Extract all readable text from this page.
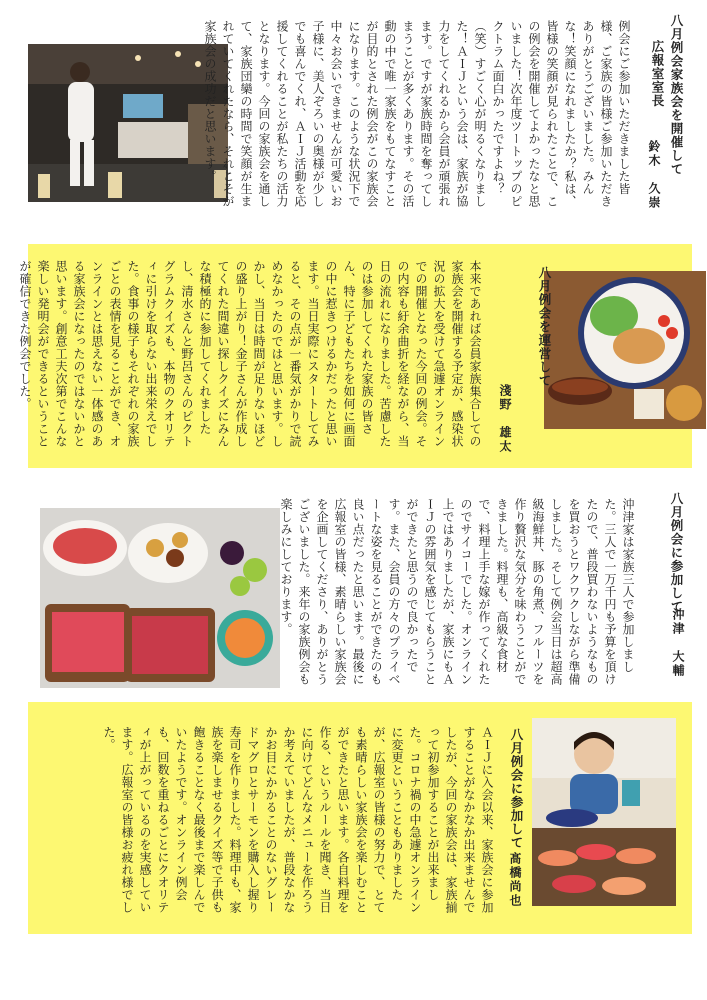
八月例会家族会を開催して

広報室室長

鈴木　久崇

例会にご参加いただきました皆様、ご家族の皆様ご参加いただきありがとうございました。みんな！笑顔になれましたか？私は、皆様の笑顔が見られたことで、この例会を開催してよかったなと思いました！次年度ツートップのピクトラム面白かったですよね？（笑）すごく心が明るくなりました！ＡＩＪという会は、家族が協力をしてくれるから会員が頑張れます。ですが家族時間を奪ってしまうことが多くあります。その活動の中で唯一家族をもてなすことが目的とされた例会がこの家族会になります。このような状況下で中々お会いできませんが可愛いお子様に、美人ぞろいの奥様が少しでも喜んでくれ、ＡＩＪ活動を応援してくれることが私たちの活力となります。今回の家族会を通して、家族団欒の時間で笑顔が生まれていてくれたなら、それこそが家族会の成功だと思います。

八月例会を運営して

淺野　雄太

本来であれば会員家族集合しての家族会を開催する予定が、感染状況の拡大を受けて急遽オンラインでの開催となった今回の例会。その内容も紆余曲折を経ながら、当日の流れになりました。苦慮したのは参加してくれた家族の皆さん、特に子どもたちを如何に画面の中に惹きつけるかだったと思います。当日実際にスタートしてみると、その点が一番気がかりで読めなかったのではと思います。しかし、当日は時間が足りないほどの盛り上がり！金子さんが作成してくれた間違い探しクイズにみんな積極的に参加してくれましたし、清水さんと野呂さんのピクトグラムクイズも、本物のクオリティに引けを取らない出来栄えでした。食事の様子もそれぞれの家族ごとの表情を見ることができ、オンラインとは思えない一体感のある家族会になったのではないかと思います。創意工夫次第でこんな楽しい発明会ができるということが確信できた例会でした。

八月例会に参加して

沖津　大輔

沖津家は家族三人で参加しました。三人で一万千円も予算を頂けたので、普段買わないようなものを買おうとワクワクしながら準備しました。そして例会当日は超高級海鮮丼、豚の角煮、フルーツを作り贅沢な気分を味わうことができました。料理も、高級な食材で、料理上手な嫁が作ってくれたのでサイコーでした。オンライン上ではありましたが、家族にもＡＩＪの雰囲気を感じてもらうことができたと思うので良かったです。また、会員の方々のプライベートな姿を見ることができたのも良い点だったと思います。最後に広報室の皆様、素晴らしい家族会を企画してくださり、ありがとうございました。来年の家族例会も楽しみにしております。

八月例会に参加して

髙橋尚也

ＡＩＪに入会以来、家族会に参加することがなかなか出来ませんでしたが、今回の家族会は、家族揃って初参加することが出来ました。コロナ禍の中急遽オンラインに変更ということもありましたが、広報室の皆様の努力で、とても素晴らしい家族会を楽しむことができたと思います。各自料理を作る、というルールを聞き、当日に向けてどんなメニューを作ろうか考えていましたが、普段なかなかお目にかかることのないグレードマグロとサーモンを購入し握り寿司を作りました。料理中も、家族を楽しませるクイズ等で子供も飽きることなく最後まで楽しんでいたようです。オンライン例会も、回数を重ねるごとにクオリティが上がっているのを実感しています。広報室の皆様お疲れ様でした。
